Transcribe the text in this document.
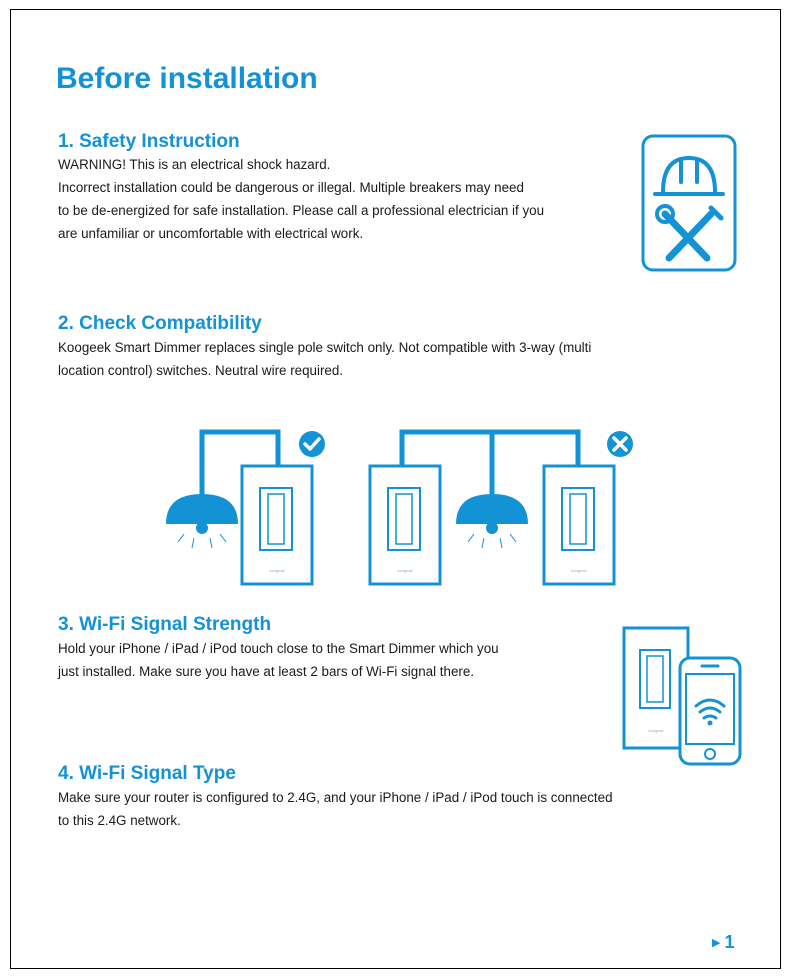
Before installation
1. Safety Instruction
WARNING! This is an electrical shock hazard.
Incorrect installation could be dangerous or illegal. Multiple breakers may need
to be de-energized for safe installation. Please call a professional electrician if you
are unfamiliar or uncomfortable with electrical work.
2. Check Compatibility
Koogeek Smart Dimmer replaces single pole switch only. Not compatible with 3-way (multi
location control) switches. Neutral wire required.
koogeek	koogeek	koogeek
3. Wi-Fi Signal Strength
Hold your iPhone / iPad / iPod touch close to the Smart Dimmer which you
just installed. Make sure you have at least 2 bars of Wi-Fi signal there.
koogeek
4. Wi-Fi Signal Type
Make sure your router is configured to 2.4G, and your iPhone / iPad / iPod touch is connected
to this 2.4G network.
▶ 1
